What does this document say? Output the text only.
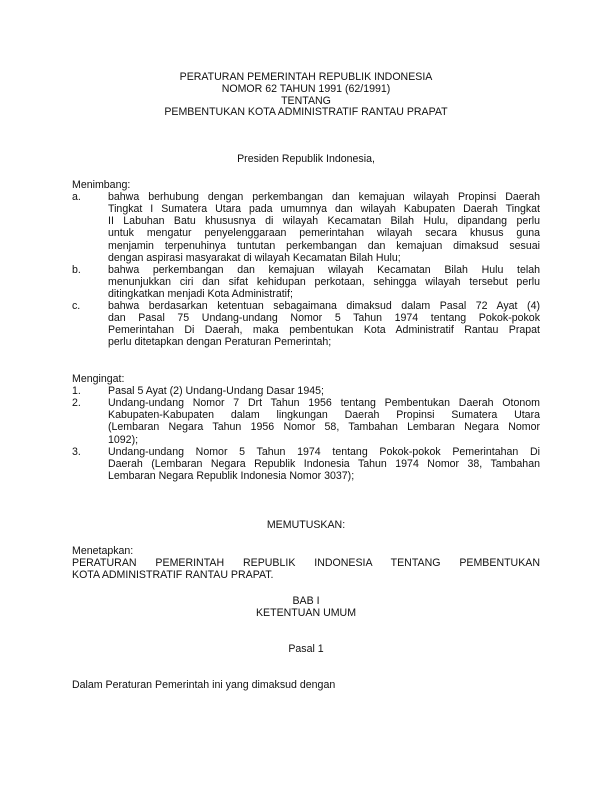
PERATURAN PEMERINTAH REPUBLIK INDONESIA
NOMOR 62 TAHUN 1991 (62/1991)
TENTANG
PEMBENTUKAN KOTA ADMINISTRATIF RANTAU PRAPAT
Presiden Republik Indonesia,
Menimbang:
a.	bahwa berhubung dengan perkembangan dan kemajuan wilayah Propinsi Daerah
Tingkat I Sumatera Utara pada umumnya dan wilayah Kabupaten Daerah Tingkat
II Labuhan Batu khususnya di wilayah Kecamatan Bilah Hulu, dipandang perlu
untuk mengatur penyelenggaraan pemerintahan wilayah secara khusus guna
menjamin terpenuhinya tuntutan perkembangan dan kemajuan dimaksud sesuai
dengan aspirasi masyarakat di wilayah Kecamatan Bilah Hulu;
b.	bahwa perkembangan dan kemajuan wilayah Kecamatan Bilah Hulu telah
menunjukkan ciri dan sifat kehidupan perkotaan, sehingga wilayah tersebut perlu
ditingkatkan menjadi Kota Administratif;
c.	bahwa berdasarkan ketentuan sebagaimana dimaksud dalam Pasal 72 Ayat (4)
dan Pasal 75 Undang-undang Nomor 5 Tahun 1974 tentang Pokok-pokok
Pemerintahan Di Daerah, maka pembentukan Kota Administratif Rantau Prapat
perlu ditetapkan dengan Peraturan Pemerintah;
Mengingat:
1.	Pasal 5 Ayat (2) Undang-Undang Dasar 1945;
2.	Undang-undang Nomor 7 Drt Tahun 1956 tentang Pembentukan Daerah Otonom
Kabupaten-Kabupaten dalam lingkungan Daerah Propinsi Sumatera Utara
(Lembaran Negara Tahun 1956 Nomor 58, Tambahan Lembaran Negara Nomor
1092);
3.	Undang-undang Nomor 5 Tahun 1974 tentang Pokok-pokok Pemerintahan Di
Daerah (Lembaran Negara Republik Indonesia Tahun 1974 Nomor 38, Tambahan
Lembaran Negara Republik Indonesia Nomor 3037);
MEMUTUSKAN:
Menetapkan:
PERATURAN PEMERINTAH REPUBLIK INDONESIA TENTANG PEMBENTUKAN
KOTA ADMINISTRATIF RANTAU PRAPAT.
BAB I
KETENTUAN UMUM
Pasal 1
Dalam Peraturan Pemerintah ini yang dimaksud dengan
